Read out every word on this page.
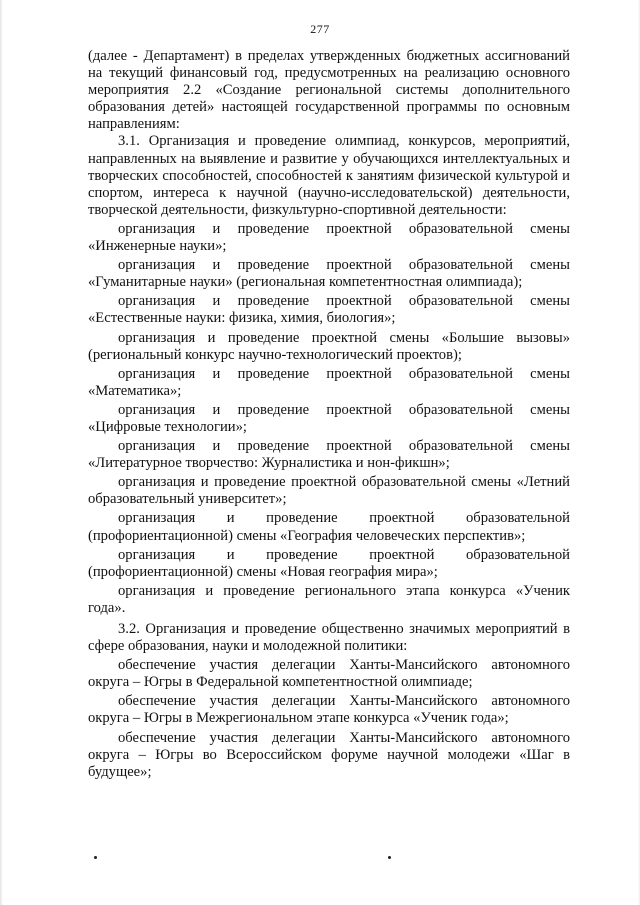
277

(далее - Департамент) в пределах утвержденных бюджетных ассигнований на текущий финансовый год, предусмотренных на реализацию основного мероприятия 2.2 «Создание региональной системы дополнительного образования детей» настоящей государственной программы по основным направлениям:

3.1. Организация и проведение олимпиад, конкурсов, мероприятий, направленных на выявление и развитие у обучающихся интеллектуальных и творческих способностей, способностей к занятиям физической культурой и спортом, интереса к научной (научно-исследовательской) деятельности, творческой деятельности, физкультурно-спортивной деятельности:

организация и проведение проектной образовательной смены «Инженерные науки»;

организация и проведение проектной образовательной смены «Гуманитарные науки» (региональная компетентностная олимпиада);

организация и проведение проектной образовательной смены «Естественные науки: физика, химия, биология»;

организация и проведение проектной смены «Большие вызовы» (региональный конкурс научно-технологический проектов);

организация и проведение проектной образовательной смены «Математика»;

организация и проведение проектной образовательной смены «Цифровые технологии»;

организация и проведение проектной образовательной смены «Литературное творчество: Журналистика и нон-фикшн»;

организация и проведение проектной образовательной смены «Летний образовательный университет»;

организация и проведение проектной образовательной (профориентационной) смены «География человеческих перспектив»;

организация и проведение проектной образовательной (профориентационной) смены «Новая география мира»;

организация и проведение регионального этапа конкурса «Ученик года».

3.2. Организация и проведение общественно значимых мероприятий в сфере образования, науки и молодежной политики:

обеспечение участия делегации Ханты-Мансийского автономного округа – Югры в Федеральной компетентностной олимпиаде;

обеспечение участия делегации Ханты-Мансийского автономного округа – Югры в Межрегиональном этапе конкурса «Ученик года»;

обеспечение участия делегации Ханты-Мансийского автономного округа – Югры во Всероссийском форуме научной молодежи «Шаг в будущее»;
